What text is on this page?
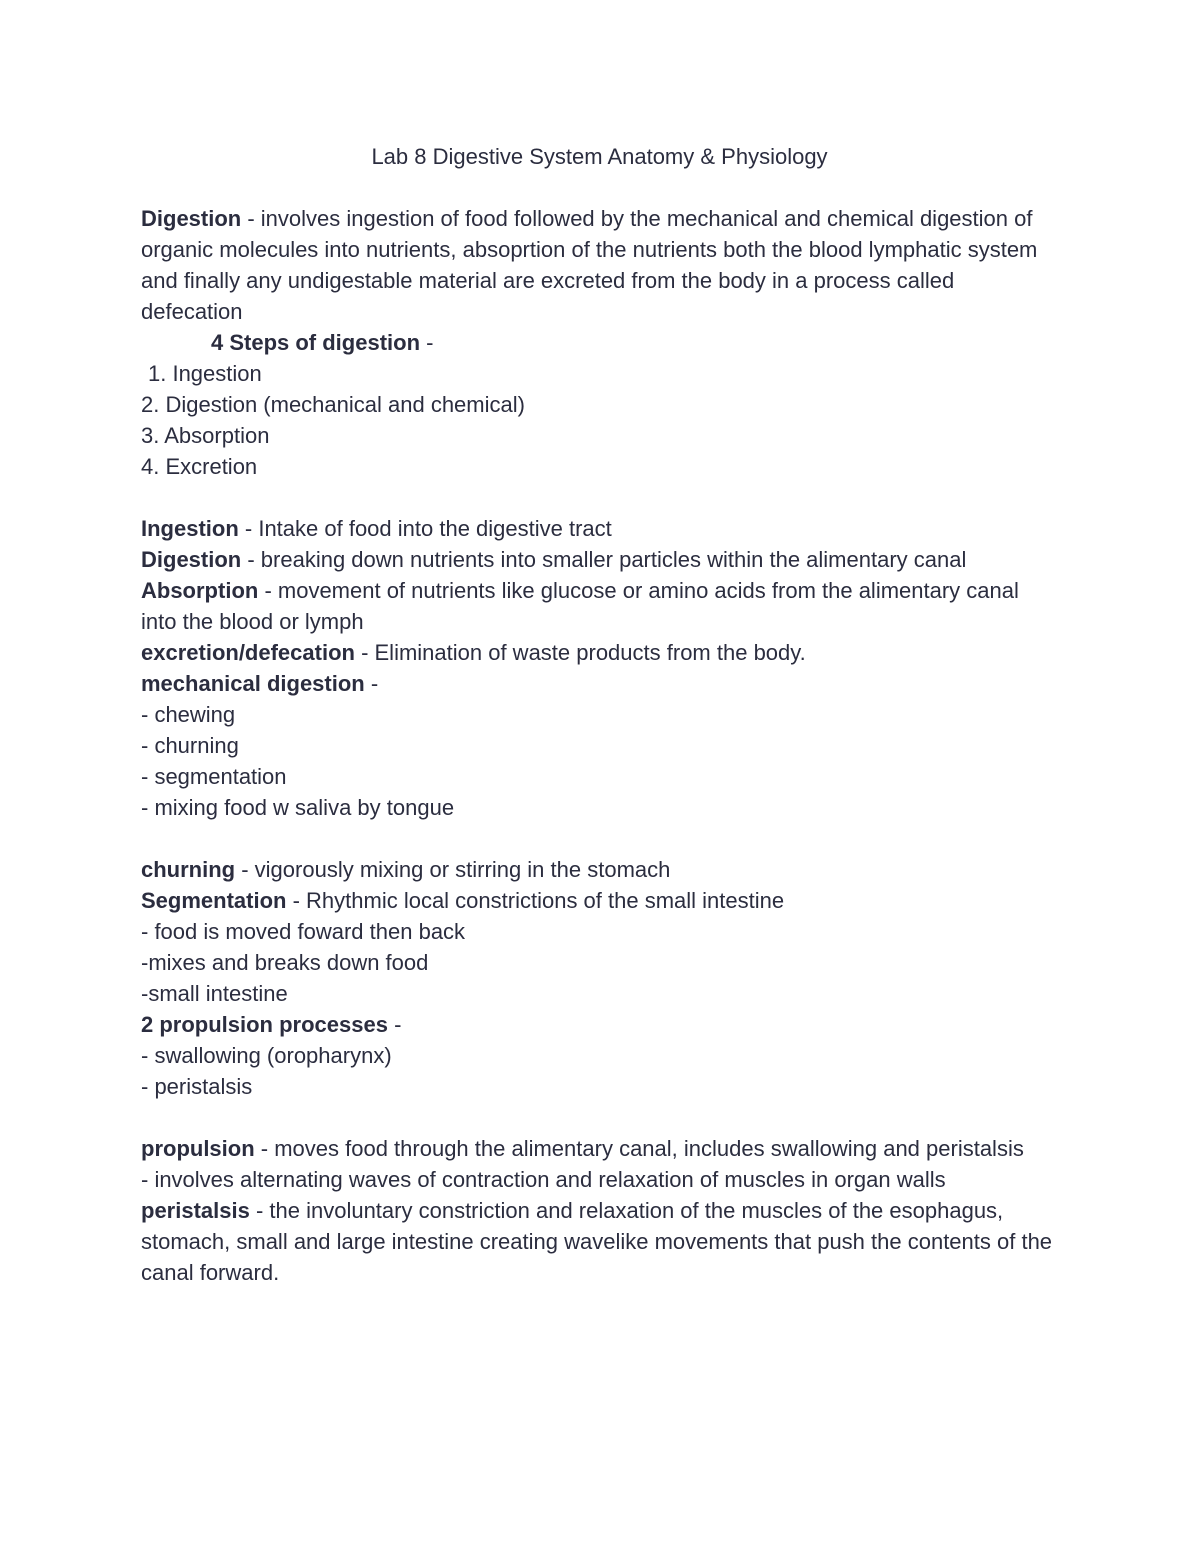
Lab 8 Digestive System Anatomy & Physiology

Digestion - involves ingestion of food followed by the mechanical and chemical digestion of organic molecules into nutrients, absoprtion of the nutrients both the blood lymphatic system and finally any undigestable material are excreted from the body in a process called defecation

4 Steps of digestion -

1. Ingestion

2. Digestion (mechanical and chemical)

3. Absorption

4. Excretion

Ingestion - Intake of food into the digestive tract

Digestion - breaking down nutrients into smaller particles within the alimentary canal

Absorption - movement of nutrients like glucose or amino acids from the alimentary canal into the blood or lymph

excretion/defecation - Elimination of waste products from the body.

mechanical digestion -

- chewing

- churning

- segmentation

- mixing food w saliva by tongue

churning - vigorously mixing or stirring in the stomach

Segmentation - Rhythmic local constrictions of the small intestine

- food is moved foward then back

-mixes and breaks down food

-small intestine

2 propulsion processes -

- swallowing (oropharynx)

- peristalsis

propulsion - moves food through the alimentary canal, includes swallowing and peristalsis

- involves alternating waves of contraction and relaxation of muscles in organ walls

peristalsis - the involuntary constriction and relaxation of the muscles of the esophagus, stomach, small and large intestine creating wavelike movements that push the contents of the canal forward.
